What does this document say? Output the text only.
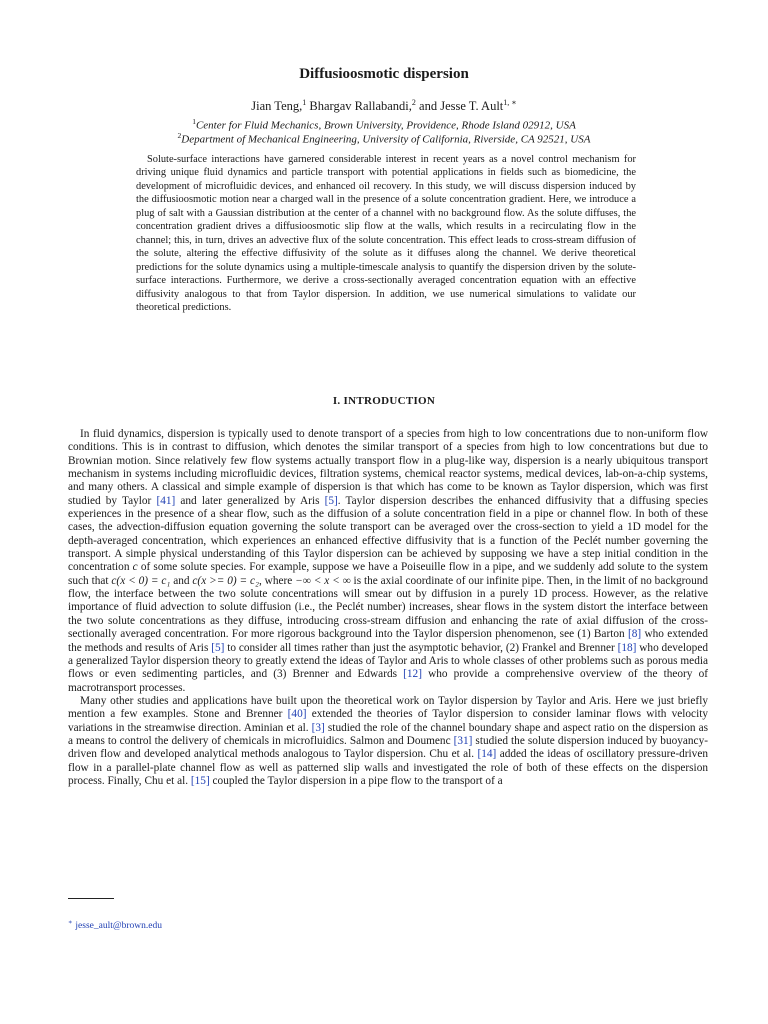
Diffusioosmotic dispersion
Jian Teng,$^1$ Bhargav Rallabandi,$^2$ and Jesse T. Ault$^{1, ∗}$
$^1$Center for Fluid Mechanics, Brown University, Providence, Rhode Island 02912, USA
$^2$Department of Mechanical Engineering, University of California, Riverside, CA 92521, USA
Solute-surface interactions have garnered considerable interest in recent years as a novel control mechanism for driving unique fluid dynamics and particle transport with potential applications in fields such as biomedicine, the development of microfluidic devices, and enhanced oil recovery. In this study, we will discuss dispersion induced by the diffusioosmotic motion near a charged wall in the presence of a solute concentration gradient. Here, we introduce a plug of salt with a Gaussian distribution at the center of a channel with no background flow. As the solute diffuses, the concentration gradient drives a diffusioosmotic slip flow at the walls, which results in a recirculating flow in the channel; this, in turn, drives an advective flux of the solute concentration. This effect leads to cross-stream diffusion of the solute, altering the effective diffusivity of the solute as it diffuses along the channel. We derive theoretical predictions for the solute dynamics using a multiple-timescale analysis to quantify the dispersion driven by the solute-surface interactions. Furthermore, we derive a cross-sectionally averaged concentration equation with an effective diffusivity analogous to that from Taylor dispersion. In addition, we use numerical simulations to validate our theoretical predictions.
I. INTRODUCTION

In fluid dynamics, dispersion is typically used to denote transport of a species from high to low concentrations due to non-uniform flow conditions. This is in contrast to diffusion, which denotes the similar transport of a species from high to low concentrations but due to Brownian motion. Since relatively few flow systems actually transport flow in a plug-like way, dispersion is a nearly ubiquitous transport mechanism in systems including microfluidic devices, filtration systems, chemical reactor systems, medical devices, lab-on-a-chip systems, and many others. A classical and simple example of dispersion is that which has come to be known as Taylor dispersion, which was first studied by Taylor [41] and later generalized by Aris [5]. Taylor dispersion describes the enhanced diffusivity that a diffusing species experiences in the presence of a shear flow, such as the diffusion of a solute concentration field in a pipe or channel flow. In both of these cases, the advection-diffusion equation governing the solute transport can be averaged over the cross-section to yield a 1D model for the depth-averaged concentration, which experiences an enhanced effective diffusivity that is a function of the Peclét number governing the transport. A simple physical understanding of this Taylor dispersion can be achieved by supposing we have a step initial condition in the concentration c of some solute species. For example, suppose we have a Poiseuille flow in a pipe, and we suddenly add solute to the system such that c(x < 0) = c₁ and c(x >= 0) = c₂, where −∞ < x < ∞ is the axial coordinate of our infinite pipe. Then, in the limit of no background flow, the interface between the two solute concentrations will smear out by diffusion in a purely 1D process. However, as the relative importance of fluid advection to solute diffusion (i.e., the Peclét number) increases, shear flows in the system distort the interface between the two solute concentrations as they diffuse, introducing cross-stream diffusion and enhancing the rate of axial diffusion of the cross-sectionally averaged concentration. For more rigorous background into the Taylor dispersion phenomenon, see (1) Barton [8] who extended the methods and results of Aris [5] to consider all times rather than just the asymptotic behavior, (2) Frankel and Brenner [18] who developed a generalized Taylor dispersion theory to greatly extend the ideas of Taylor and Aris to whole classes of other problems such as porous media flows or even sedimenting particles, and (3) Brenner and Edwards [12] who provide a comprehensive overview of the theory of macrotransport processes.

Many other studies and applications have built upon the theoretical work on Taylor dispersion by Taylor and Aris. Here we just briefly mention a few examples. Stone and Brenner [40] extended the theories of Taylor dispersion to consider laminar flows with velocity variations in the streamwise direction. Aminian et al. [3] studied the role of the channel boundary shape and aspect ratio on the dispersion as a means to control the delivery of chemicals in microfluidics. Salmon and Doumenc [31] studied the solute dispersion induced by buoyancy-driven flow and developed analytical methods analogous to Taylor dispersion. Chu et al. [14] added the ideas of oscillatory pressure-driven flow in a parallel-plate channel flow as well as patterned slip walls and investigated the role of both of these effects on the dispersion process. Finally, Chu et al. [15] coupled the Taylor dispersion in a pipe flow to the transport of a

∗ jesse_ault@brown.edu
